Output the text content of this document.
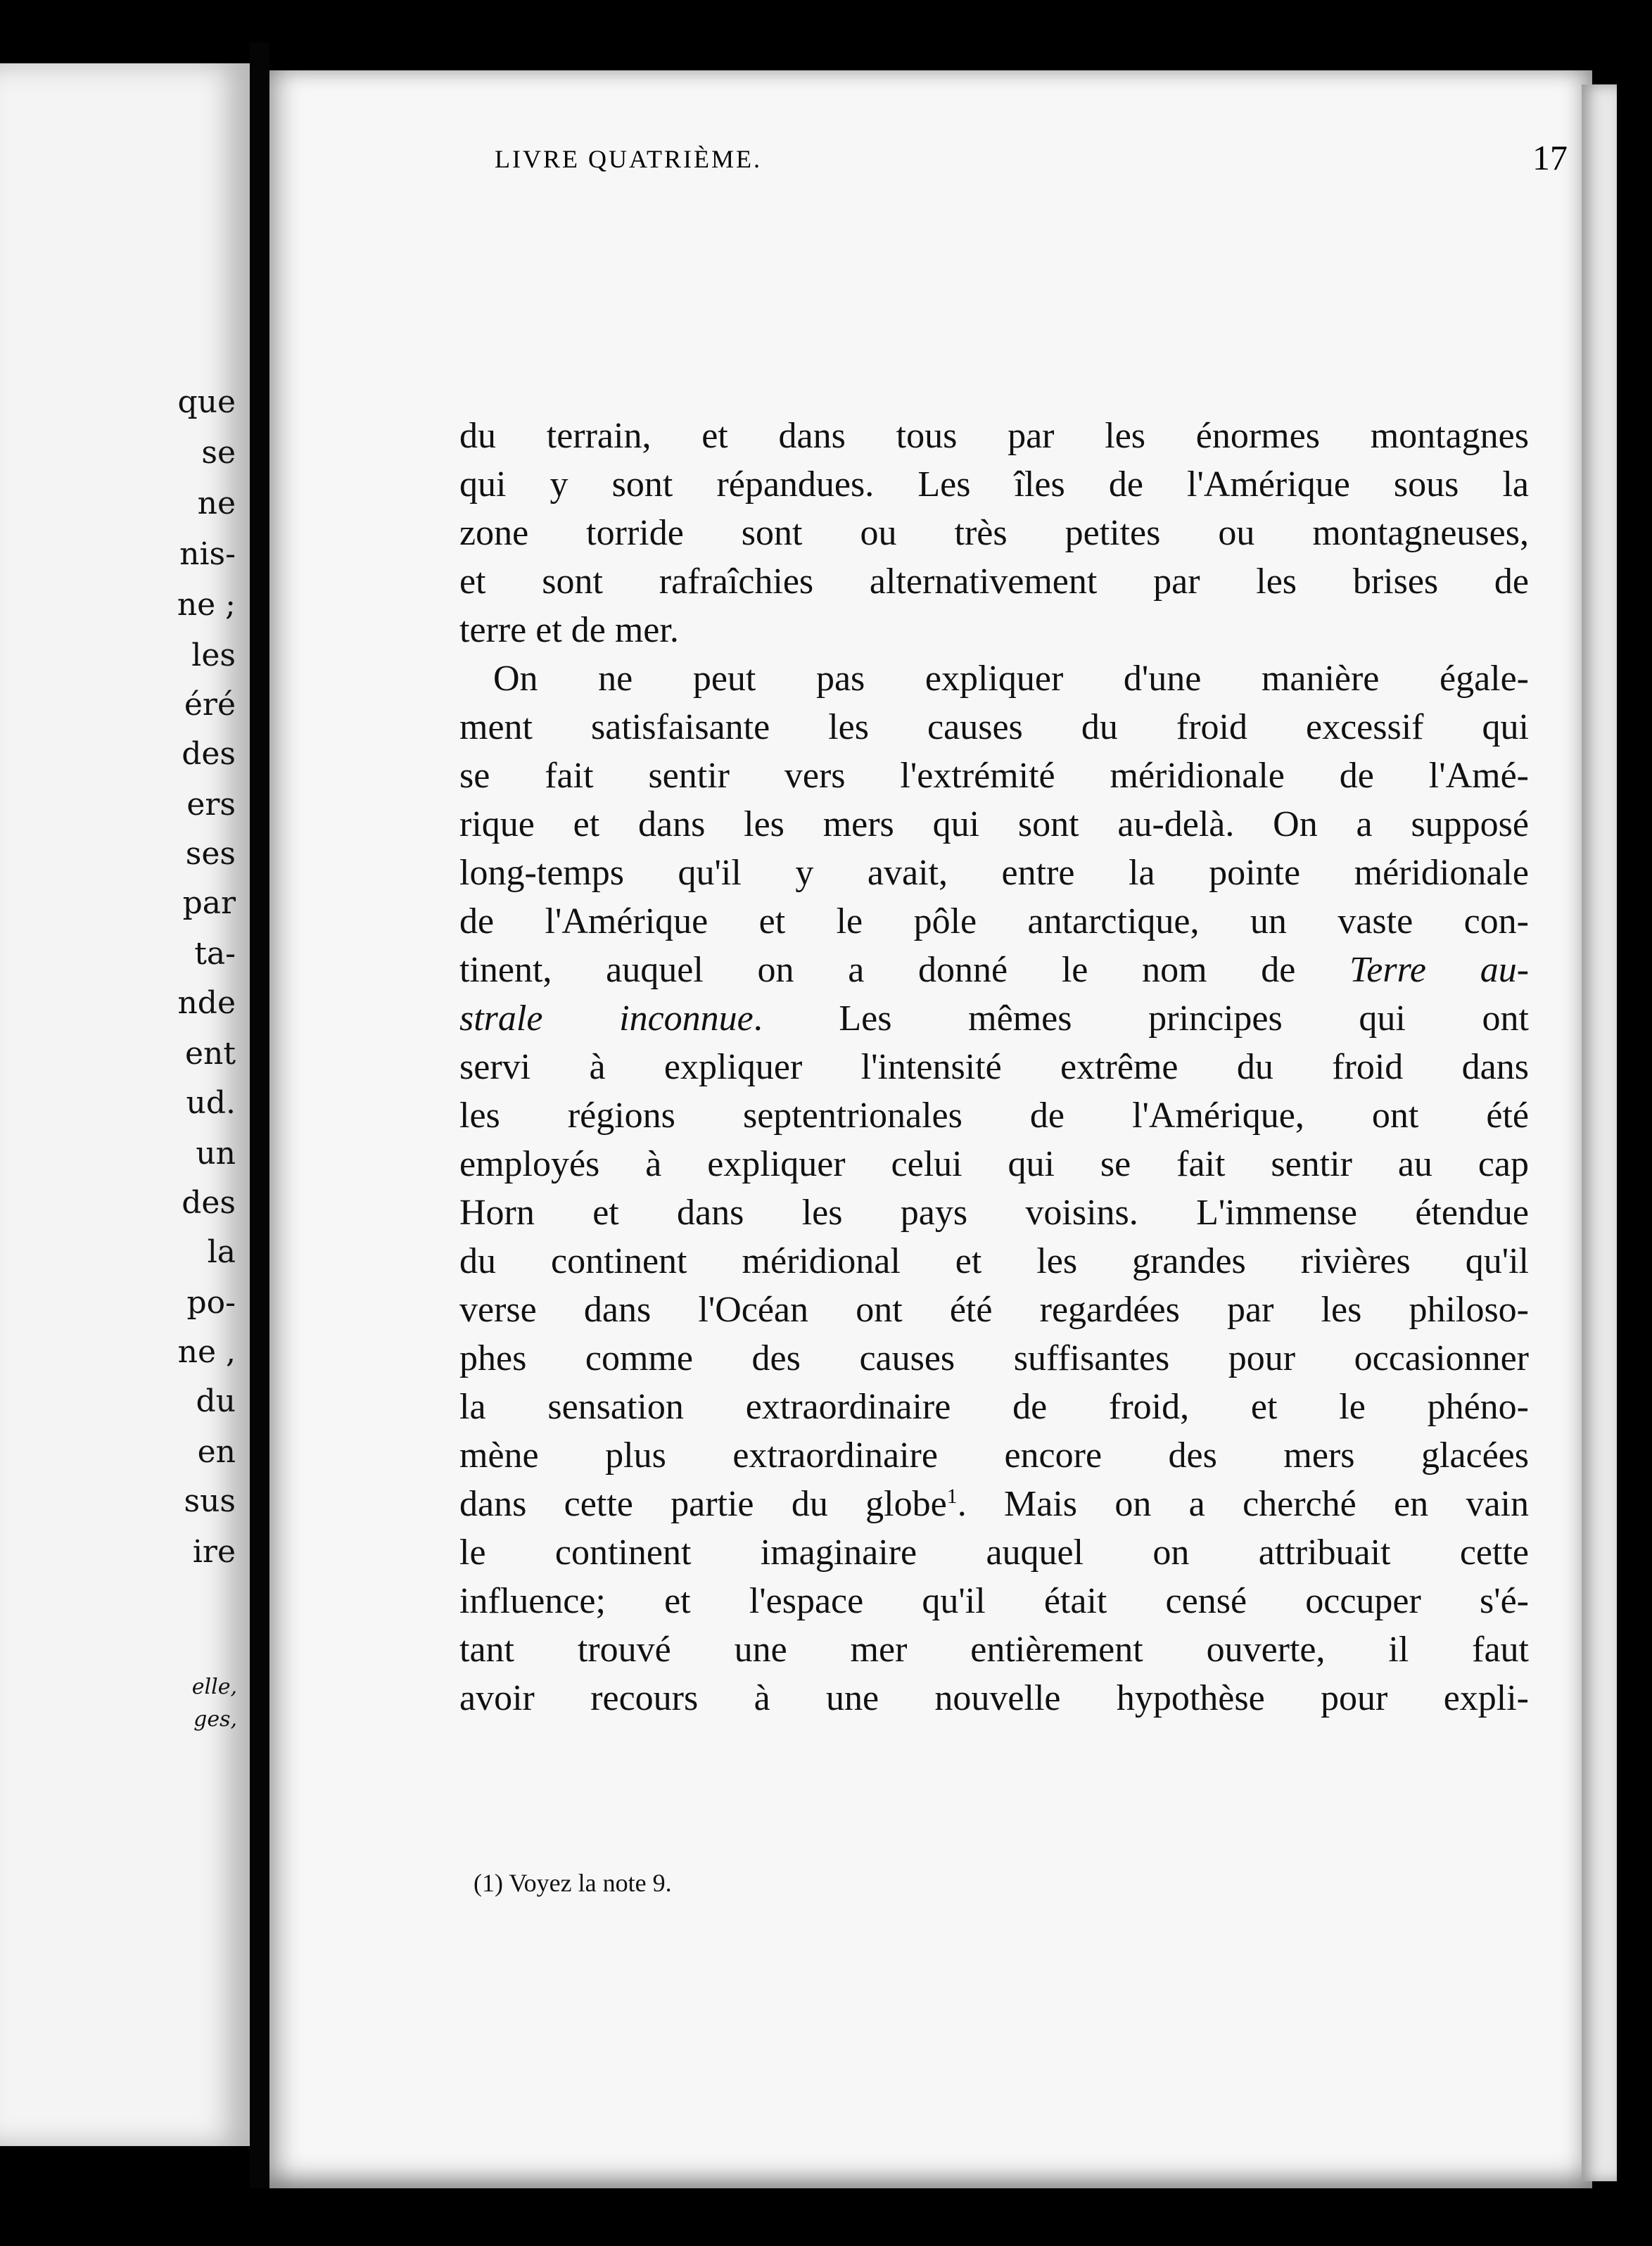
que
se
ne
nis-
ne ;
les
éré
des
ers
ses
par
ta-
nde
ent
ud.
un
des
la
po-
ne ,
du
en
sus
ire
elle,
ges,
LIVRE QUATRIÈME.	17
du terrain, et dans tous par les énormes montagnes
qui y sont répandues. Les îles de l'Amérique sous la
zone torride sont ou très petites ou montagneuses,
et sont rafraîchies alternativement par les brises de
terre et de mer.
On ne peut pas expliquer d'une manière égale-
ment satisfaisante les causes du froid excessif qui
se fait sentir vers l'extrémité méridionale de l'Amé-
rique et dans les mers qui sont au-delà. On a supposé
long-temps qu'il y avait, entre la pointe méridionale
de l'Amérique et le pôle antarctique, un vaste con-
tinent, auquel on a donné le nom de Terre au-
strale inconnue. Les mêmes principes qui ont
servi à expliquer l'intensité extrême du froid dans
les régions septentrionales de l'Amérique, ont été
employés à expliquer celui qui se fait sentir au cap
Horn et dans les pays voisins. L'immense étendue
du continent méridional et les grandes rivières qu'il
verse dans l'Océan ont été regardées par les philoso-
phes comme des causes suffisantes pour occasionner
la sensation extraordinaire de froid, et le phéno-
mène plus extraordinaire encore des mers glacées
dans cette partie du globe$^1$. Mais on a cherché en vain
le continent imaginaire auquel on attribuait cette
influence; et l'espace qu'il était censé occuper s'é-
tant trouvé une mer entièrement ouverte, il faut
avoir recours à une nouvelle hypothèse pour expli-
(1) Voyez la note 9.
